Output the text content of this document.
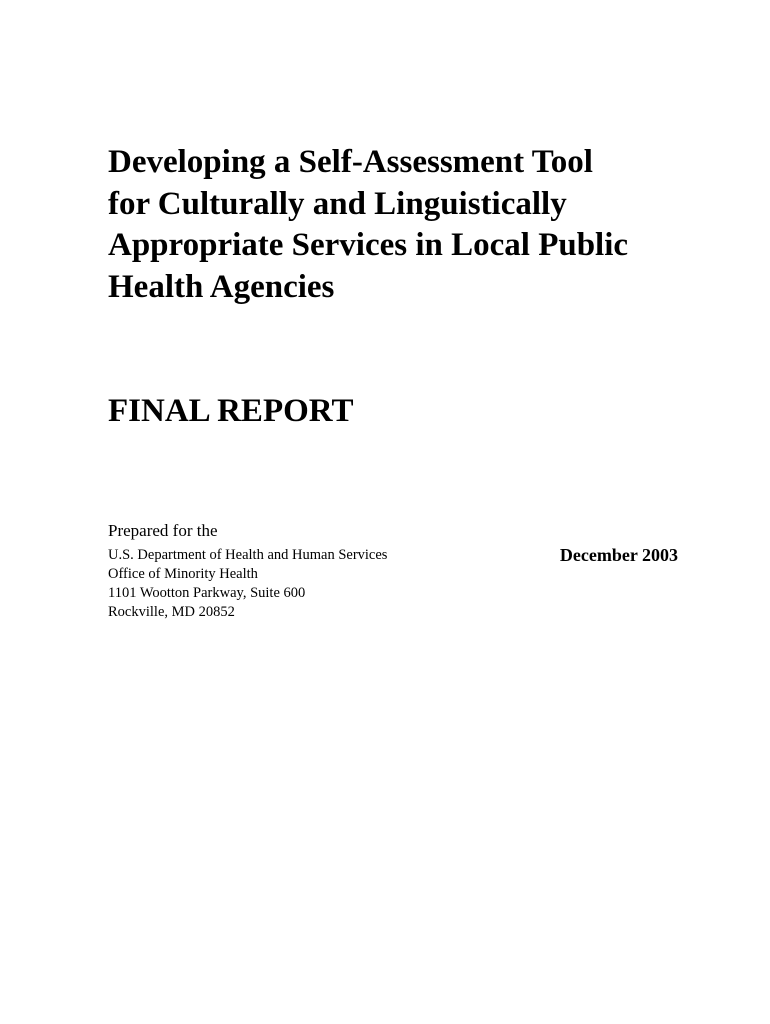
Developing a Self-Assessment Tool
for Culturally and Linguistically
Appropriate Services in Local Public
Health Agencies
FINAL REPORT

Prepared for the

U.S. Department of Health and Human Services
Office of Minority Health
1101 Wootton Parkway, Suite 600
Rockville, MD 20852

December 2003
